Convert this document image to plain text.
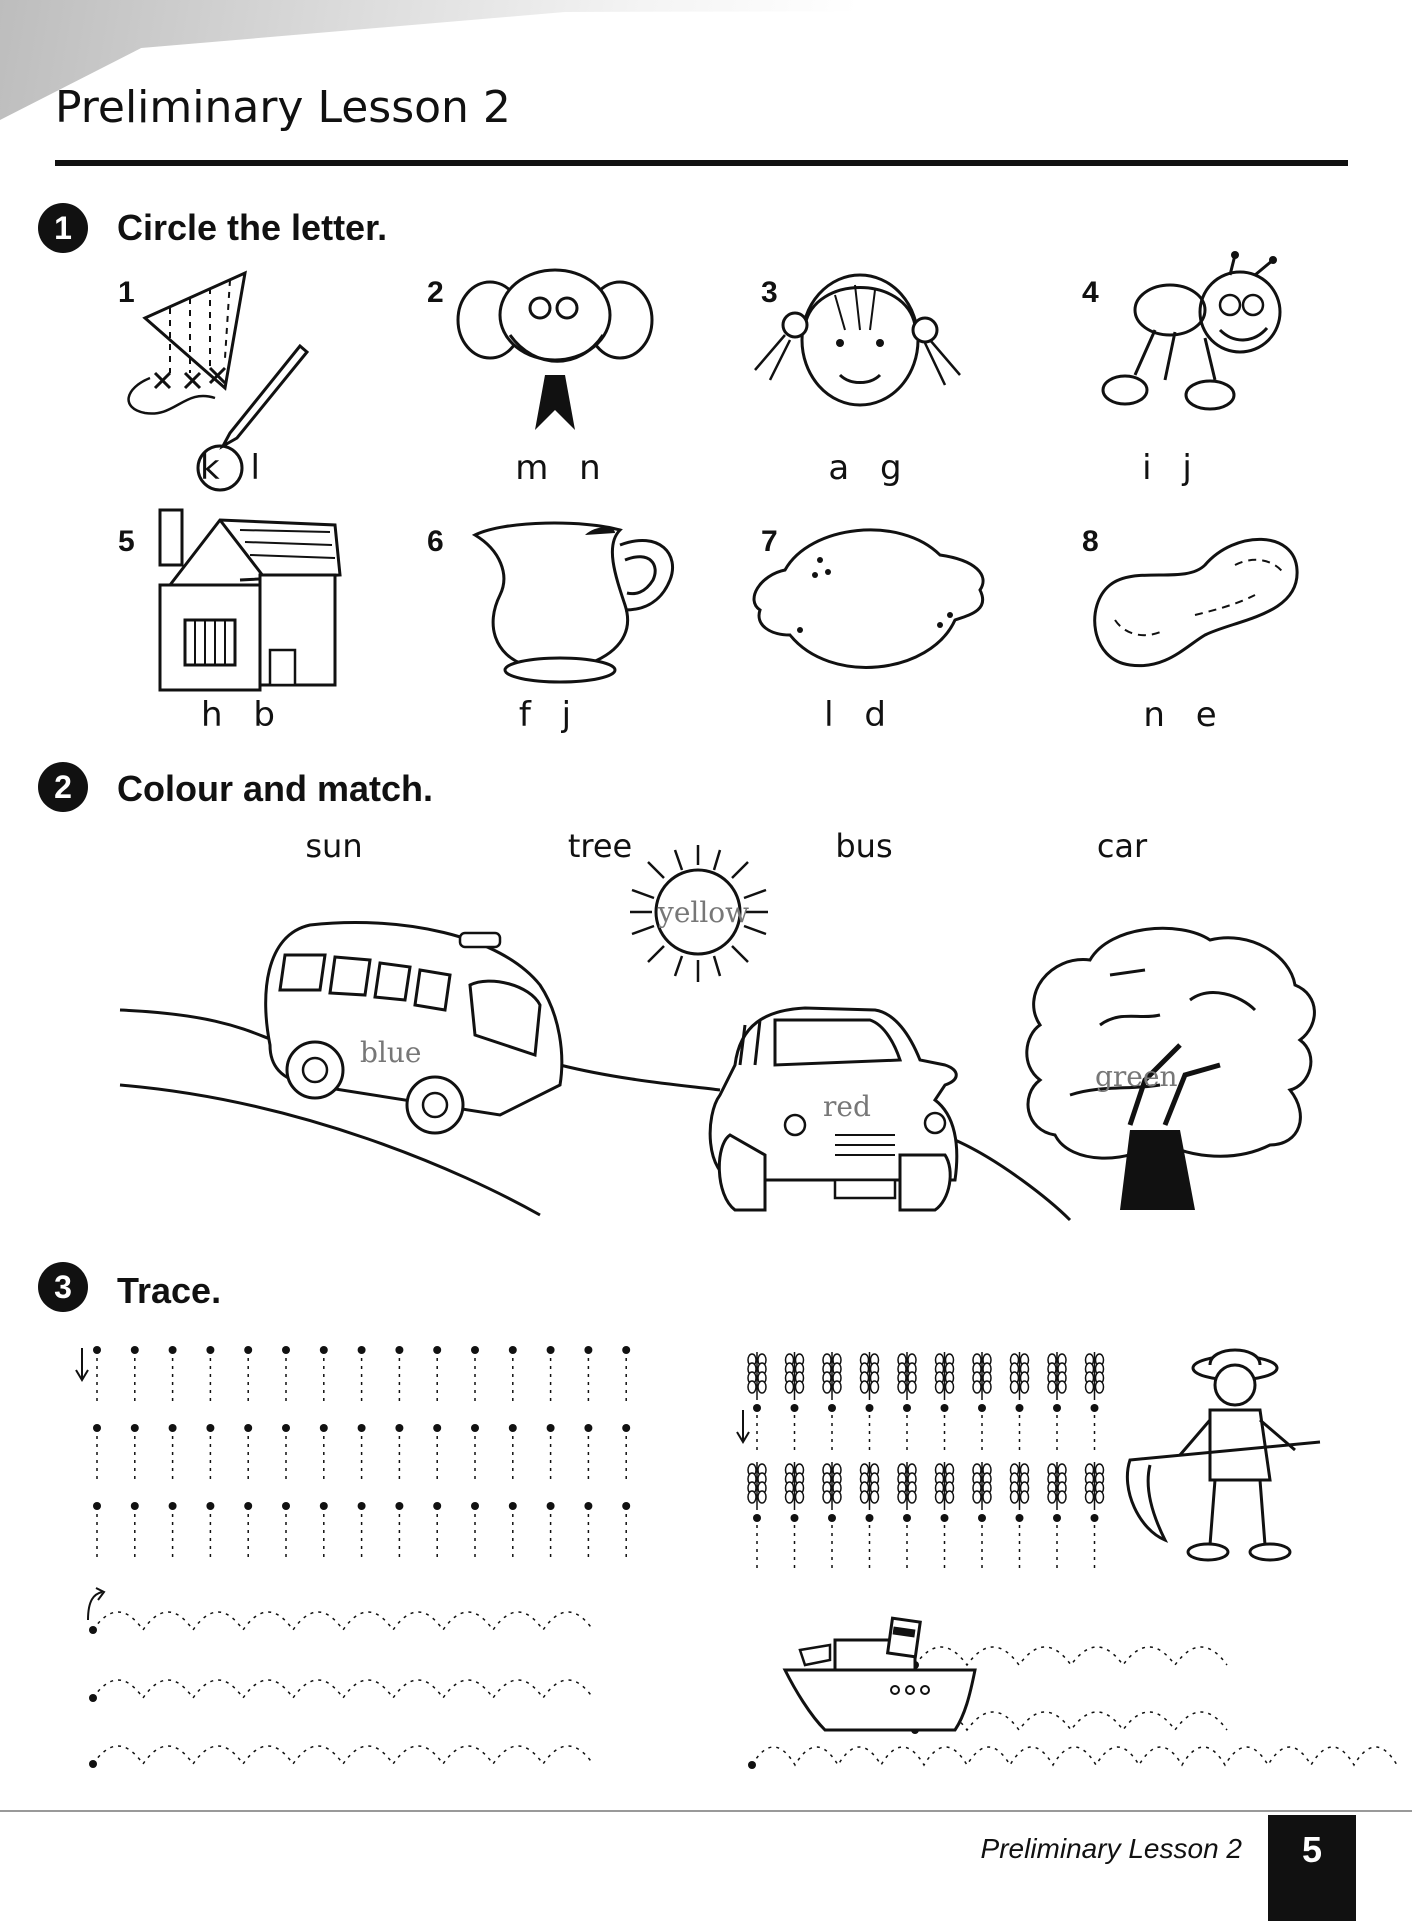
Preliminary Lesson 2
1	Circle the letter.
1	2	3	4
5	6	7	8
k l	m n	a g	i j
h b	f j	l d	n e
2	Colour and match.
sun	tree	bus	car
yellow
blue
red
green
3	Trace.
Preliminary Lesson 2	5
